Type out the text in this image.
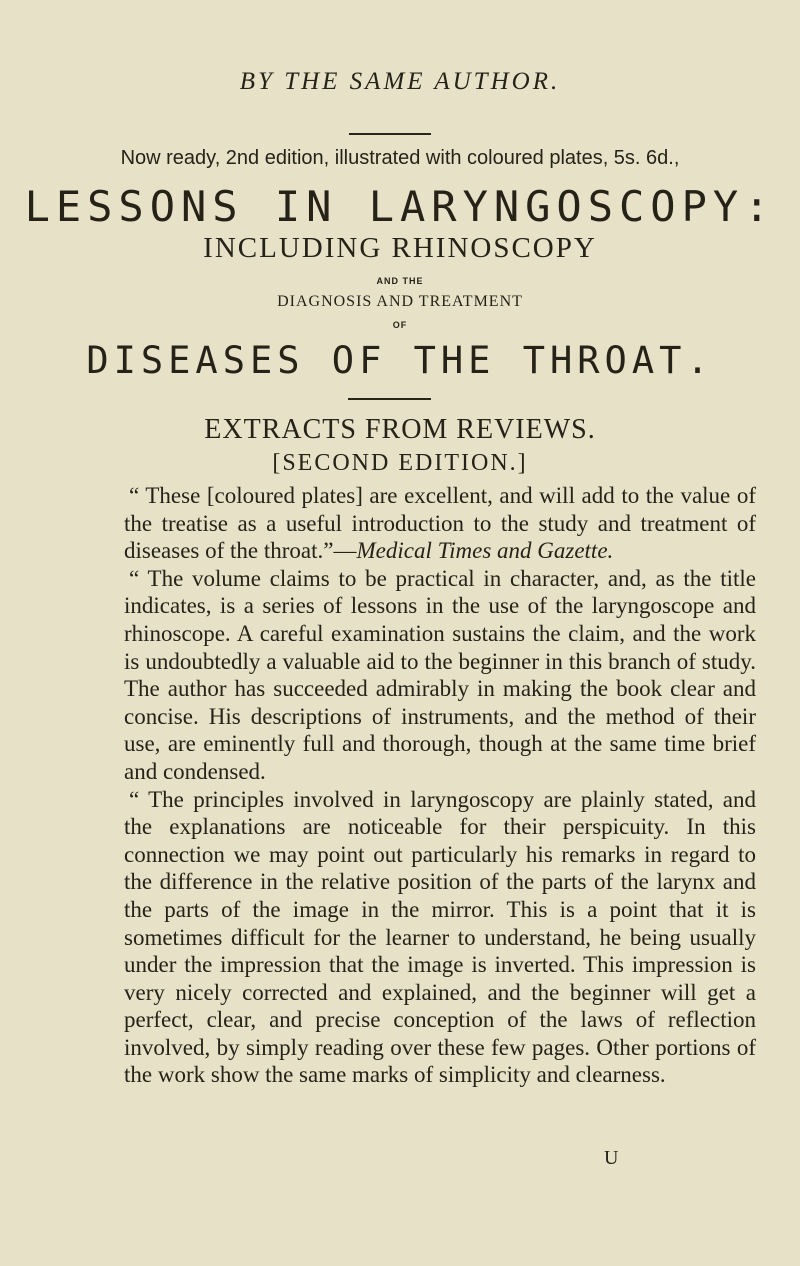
BY THE SAME AUTHOR.
Now ready, 2nd edition, illustrated with coloured plates, 5s. 6d.,
LESSONS IN LARYNGOSCOPY:
INCLUDING RHINOSCOPY
AND THE
DIAGNOSIS AND TREATMENT
OF
DISEASES OF THE THROAT.
EXTRACTS FROM REVIEWS.
[SECOND EDITION.]

“ These [coloured plates] are excellent, and will add to the value of the treatise as a useful introduction to the study and treatment of diseases of the throat.”—Medical Times and Gazette.

“ The volume claims to be practical in character, and, as the title indicates, is a series of lessons in the use of the laryngoscope and rhinoscope. A careful examination sustains the claim, and the work is undoubtedly a valuable aid to the beginner in this branch of study. The author has succeeded admirably in making the book clear and concise. His descriptions of instruments, and the method of their use, are eminently full and thorough, though at the same time brief and condensed.

“ The principles involved in laryngoscopy are plainly stated, and the explanations are noticeable for their perspicuity. In this connection we may point out particularly his remarks in regard to the difference in the relative position of the parts of the larynx and the parts of the image in the mirror. This is a point that it is sometimes difficult for the learner to understand, he being usually under the impression that the image is inverted. This impression is very nicely corrected and explained, and the beginner will get a perfect, clear, and precise conception of the laws of reflection involved, by simply reading over these few pages. Other portions of the work show the same marks of simplicity and clearness.

U
